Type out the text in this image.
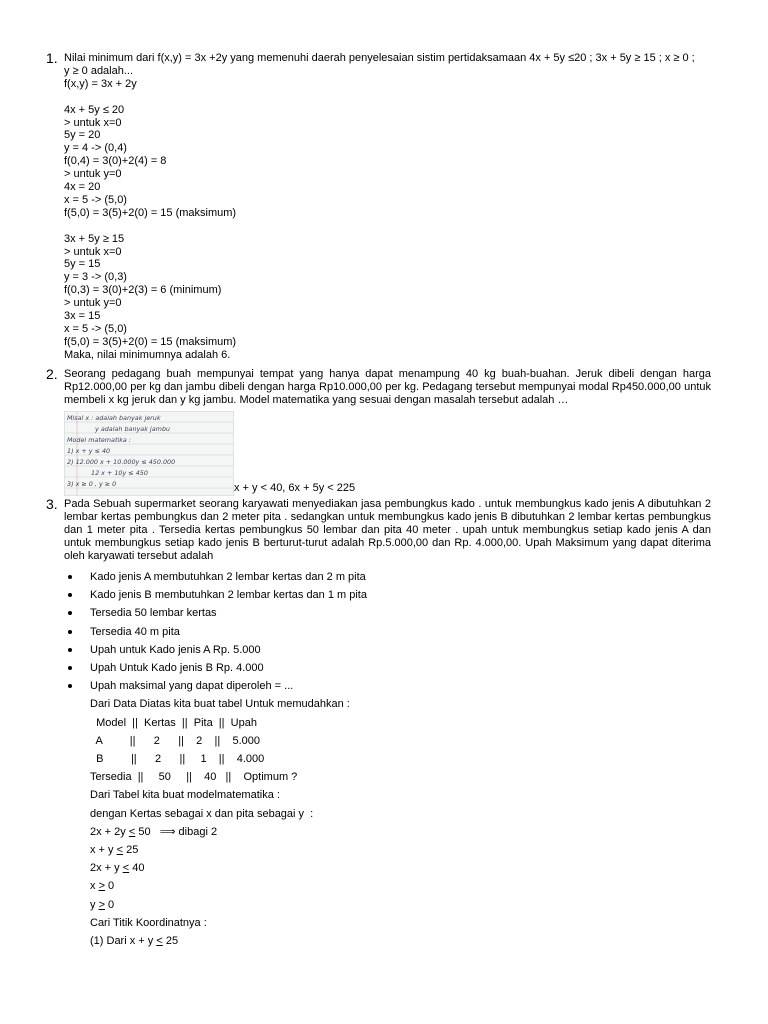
1. Nilai minimum dari f(x,y) = 3x +2y yang memenuhi daerah penyelesaian sistim pertidaksamaan 4x + 5y ≤20 ; 3x + 5y ≥ 15 ; x ≥ 0 ;
y ≥ 0 adalah...
f(x,y) = 3x + 2y
4x + 5y ≤ 20
> untuk x=0
5y = 20
y = 4 -> (0,4)
f(0,4) = 3(0)+2(4) = 8
> untuk y=0
4x = 20
x = 5 -> (5,0)
f(5,0) = 3(5)+2(0) = 15 (maksimum)
3x + 5y ≥ 15
> untuk x=0
5y = 15
y = 3 -> (0,3)
f(0,3) = 3(0)+2(3) = 6 (minimum)
> untuk y=0
3x = 15
x = 5 -> (5,0)
f(5,0) = 3(5)+2(0) = 15 (maksimum)
Maka, nilai minimumnya adalah 6.
2. Seorang pedagang buah mempunyai tempat yang hanya dapat menampung 40 kg buah-buahan. Jeruk dibeli dengan harga Rp12.000,00 per kg dan jambu dibeli dengan harga Rp10.000,00 per kg. Pedagang tersebut mempunyai modal Rp450.000,00 untuk membeli x kg jeruk dan y kg jambu. Model matematika yang sesuai dengan masalah tersebut adalah …
Misal x : adalah banyak jeruk
y adalah banyak jambu
Model matematika :
1) x + y ≤ 40
2) 12.000 x + 10.000y ≤ 450.000
12 x + 10y ≤ 450
3) x ≥ 0 , y ≥ 0	x + y < 40, 6x + 5y < 225
3. Pada Sebuah supermarket seorang karyawati menyediakan jasa pembungkus kado . untuk membungkus kado jenis A dibutuhkan 2 lembar kertas pembungkus dan 2 meter pita . sedangkan untuk membungkus kado jenis B dibutuhkan 2 lembar kertas pembungkus dan 1 meter pita . Tersedia kertas pembungkus 50 lembar dan pita 40 meter . upah untuk membungkus setiap kado jenis A dan untuk membungkus setiap kado jenis B berturut-turut adalah Rp.5.000,00 dan Rp. 4.000,00. Upah Maksimum yang dapat diterima oleh karyawati tersebut adalah
Kado jenis A membutuhkan 2 lembar kertas dan 2 m pita
Kado jenis B membutuhkan 2 lembar kertas dan 1 m pita
Tersedia 50 lembar kertas
Tersedia 40 m pita
Upah untuk Kado jenis A Rp. 5.000
Upah Untuk Kado jenis B Rp. 4.000
Upah maksimal yang dapat diperoleh = ...
Dari Data Diatas kita buat tabel Untuk memudahkan :
Model  ||  Kertas  ||  Pita  ||  Upah
A         ||      2      ||    2    ||    5.000
B         ||      2      ||     1    ||    4.000
Tersedia  ||     50     ||    40   ||    Optimum ?
Dari Tabel kita buat modelmatematika :
dengan Kertas sebagai x dan pita sebagai y  :
2x + 2y < 50   ⟹ dibagi 2
x + y < 25
2x + y < 40
x > 0
y > 0
Cari Titik Koordinatnya :
(1) Dari x + y < 25
